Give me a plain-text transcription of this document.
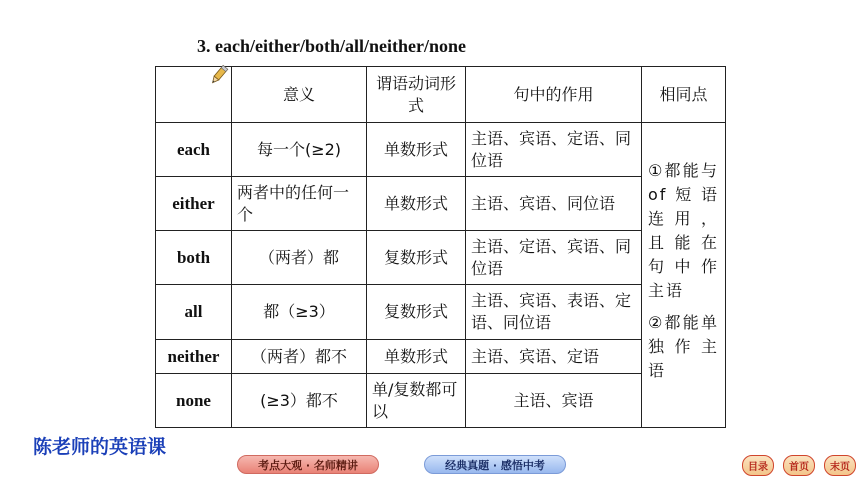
3. each/either/both/all/neither/none
	意义	谓语动词形式	句中的作用	相同点
each	每一个(≥2)	单数形式	主语、宾语、定语、同位语	①都能与of短语连用，且能在句中作主语
②都能单独作主语

either	两者中的任何一个	单数形式	主语、宾语、同位语	
both	（两者）都	复数形式	主语、定语、宾语、同位语	
all	都（≥3）	复数形式	主语、宾语、表语、定语、同位语	
neither	（两者）都不	单数形式	主语、宾语、定语	
none	(≥3）都不	单/复数都可以	主语、宾语	
陈老师的英语课
考点大观 · 名师精讲	经典真题 · 感悟中考	目录	首页	末页
